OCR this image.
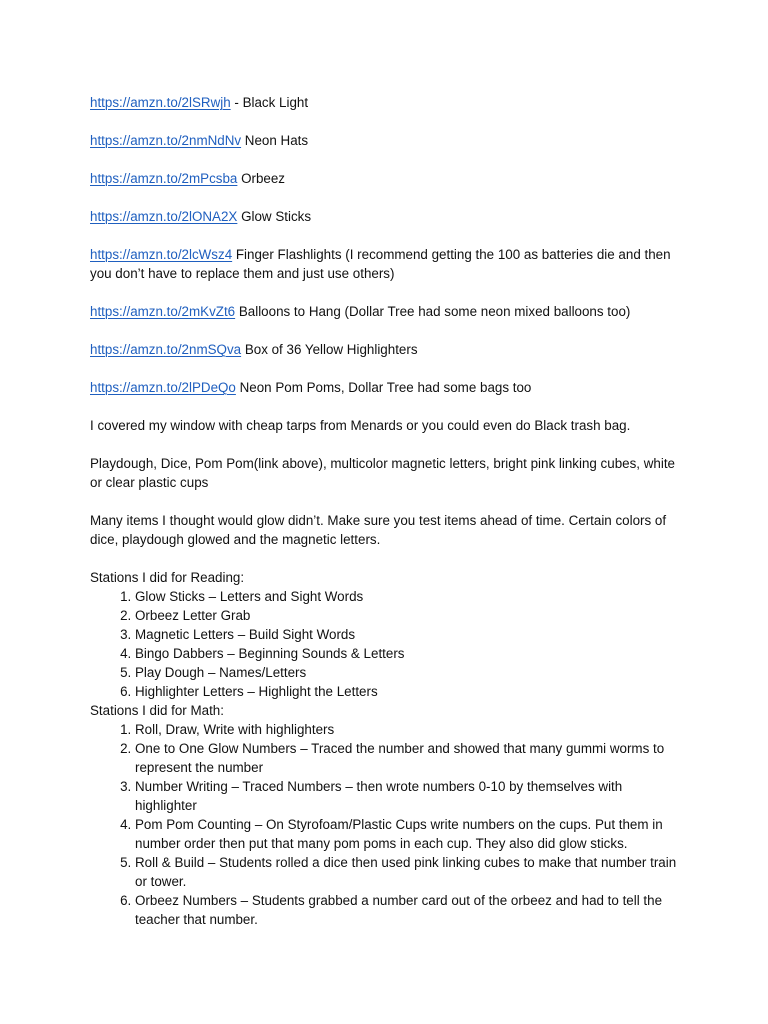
https://amzn.to/2lSRwjh - Black Light

https://amzn.to/2nmNdNv Neon Hats

https://amzn.to/2mPcsba Orbeez

https://amzn.to/2lONA2X Glow Sticks

https://amzn.to/2lcWsz4 Finger Flashlights (I recommend getting the 100 as batteries die and then you don’t have to replace them and just use others)

https://amzn.to/2mKvZt6 Balloons to Hang (Dollar Tree had some neon mixed balloons too)

https://amzn.to/2nmSQva Box of 36 Yellow Highlighters

https://amzn.to/2lPDeQo Neon Pom Poms, Dollar Tree had some bags too

I covered my window with cheap tarps from Menards or you could even do Black trash bag.

Playdough, Dice, Pom Pom(link above), multicolor magnetic letters, bright pink linking cubes, white or clear plastic cups

Many items I thought would glow didn’t. Make sure you test items ahead of time. Certain colors of dice, playdough glowed and the magnetic letters.

Stations I did for Reading:

1. Glow Sticks – Letters and Sight Words
2. Orbeez Letter Grab
3. Magnetic Letters – Build Sight Words
4. Bingo Dabbers – Beginning Sounds & Letters
5. Play Dough – Names/Letters
6. Highlighter Letters – Highlight the Letters

Stations I did for Math:

1. Roll, Draw, Write with highlighters
2. One to One Glow Numbers – Traced the number and showed that many gummi worms to represent the number
3. Number Writing – Traced Numbers – then wrote numbers 0-10 by themselves with highlighter
4. Pom Pom Counting – On Styrofoam/Plastic Cups write numbers on the cups. Put them in number order then put that many pom poms in each cup. They also did glow sticks.
5. Roll & Build – Students rolled a dice then used pink linking cubes to make that number train or tower.
6. Orbeez Numbers – Students grabbed a number card out of the orbeez and had to tell the teacher that number.
